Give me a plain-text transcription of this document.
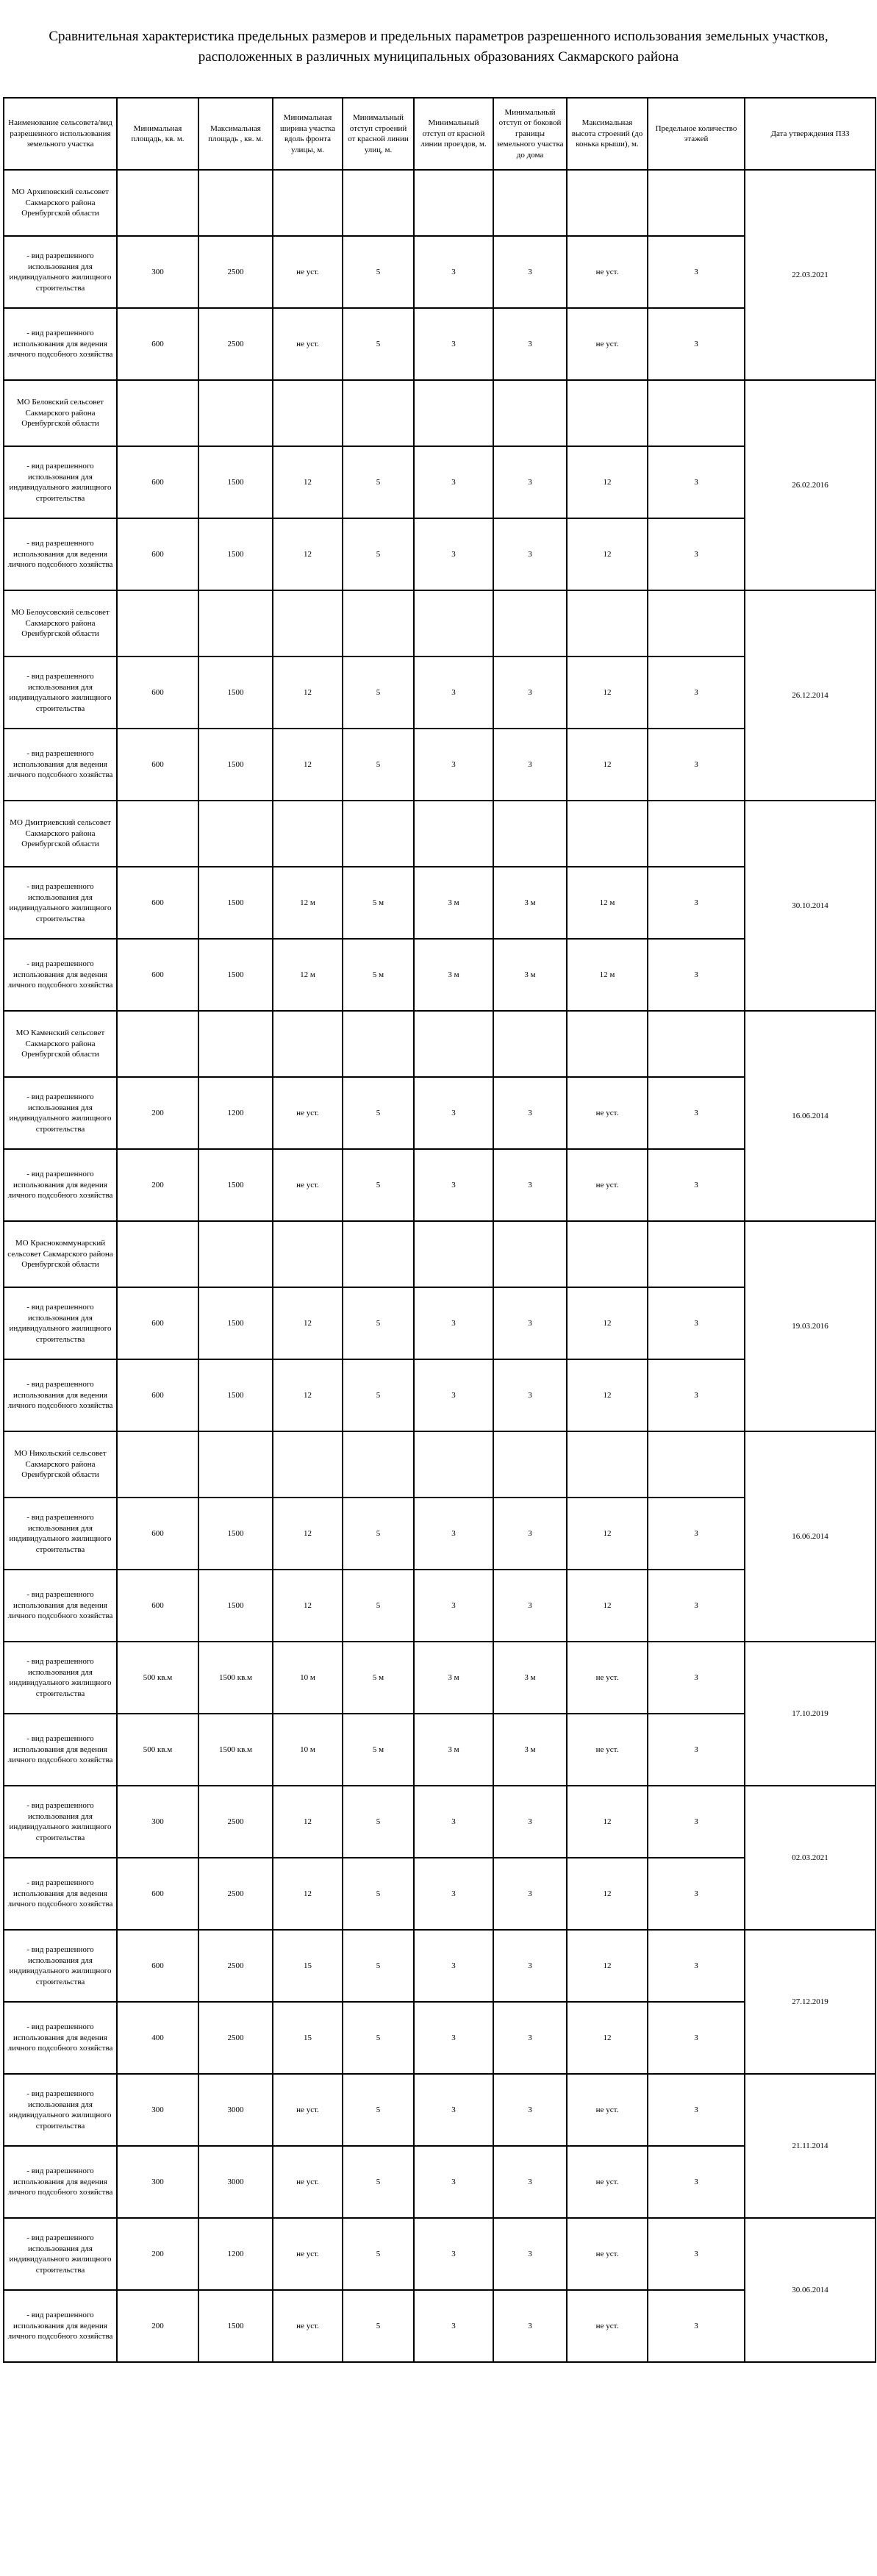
Сравнительная характеристика предельных размеров и предельных параметров разрешенного использования земельных участков, расположенных в различных муниципальных образованиях Сакмарского района
Наименование сельсовета/вид разрешенного использования земельного участка	Минимальная площадь, кв. м.	Максимальная площадь , кв. м.	Минимальная ширина участка вдоль фронта улицы, м.	Минимальный отступ строений от красной линии улиц, м.	Минимальный отступ от красной линии проездов, м.	Минимальный отступ от боковой границы земельного участка до дома	Максимальная высота строений (до конька крыши), м.	Предельное количество этажей	Дата утверждения ПЗЗ
МО Архиповский сельсовет Сакмарского района Оренбургской области									22.03.2021
- вид разрешенного использования для индивидуального жилищного строительства	300	2500	не уст.	5	3	3	не уст.	3	
- вид разрешенного использования для ведения личного подсобного хозяйства	600	2500	не уст.	5	3	3	не уст.	3	
МО Беловский сельсовет Сакмарского района Оренбургской области									26.02.2016
- вид разрешенного использования для индивидуального жилищного строительства	600	1500	12	5	3	3	12	3	
- вид разрешенного использования для ведения личного подсобного хозяйства	600	1500	12	5	3	3	12	3	
МО Белоусовский сельсовет Сакмарского района Оренбургской области									26.12.2014
- вид разрешенного использования для индивидуального жилищного строительства	600	1500	12	5	3	3	12	3	
- вид разрешенного использования для ведения личного подсобного хозяйства	600	1500	12	5	3	3	12	3	
МО Дмитриевский сельсовет Сакмарского района Оренбургской области									30.10.2014
- вид разрешенного использования для индивидуального жилищного строительства	600	1500	12 м	5 м	3 м	3 м	12 м	3	
- вид разрешенного использования для ведения личного подсобного хозяйства	600	1500	12 м	5 м	3 м	3 м	12 м	3	
МО Каменский сельсовет Сакмарского района Оренбургской области									16.06.2014
- вид разрешенного использования для индивидуального жилищного строительства	200	1200	не уст.	5	3	3	не уст.	3	
- вид разрешенного использования для ведения личного подсобного хозяйства	200	1500	не уст.	5	3	3	не уст.	3	
МО Краснокоммунарский сельсовет Сакмарского района Оренбургской области									19.03.2016
- вид разрешенного использования для индивидуального жилищного строительства	600	1500	12	5	3	3	12	3	
- вид разрешенного использования для ведения личного подсобного хозяйства	600	1500	12	5	3	3	12	3	
МО Никольский сельсовет Сакмарского района Оренбургской области									16.06.2014
- вид разрешенного использования для индивидуального жилищного строительства	600	1500	12	5	3	3	12	3	
- вид разрешенного использования для ведения личного подсобного хозяйства	600	1500	12	5	3	3	12	3	
- вид разрешенного использования для индивидуального жилищного строительства	500 кв.м	1500 кв.м	10 м	5 м	3 м	3 м	не уст.	3	17.10.2019
- вид разрешенного использования для ведения личного подсобного хозяйства	500 кв.м	1500 кв.м	10 м	5 м	3 м	3 м	не уст.	3	
- вид разрешенного использования для индивидуального жилищного строительства	300	2500	12	5	3	3	12	3	02.03.2021
- вид разрешенного использования для ведения личного подсобного хозяйства	600	2500	12	5	3	3	12	3	
- вид разрешенного использования для индивидуального жилищного строительства	600	2500	15	5	3	3	12	3	27.12.2019
- вид разрешенного использования для ведения личного подсобного хозяйства	400	2500	15	5	3	3	12	3	
- вид разрешенного использования для индивидуального жилищного строительства	300	3000	не уст.	5	3	3	не уст.	3	21.11.2014
- вид разрешенного использования для ведения личного подсобного хозяйства	300	3000	не уст.	5	3	3	не уст.	3	
- вид разрешенного использования для индивидуального жилищного строительства	200	1200	не уст.	5	3	3	не уст.	3	30.06.2014
- вид разрешенного использования для ведения личного подсобного хозяйства	200	1500	не уст.	5	3	3	не уст.	3	
